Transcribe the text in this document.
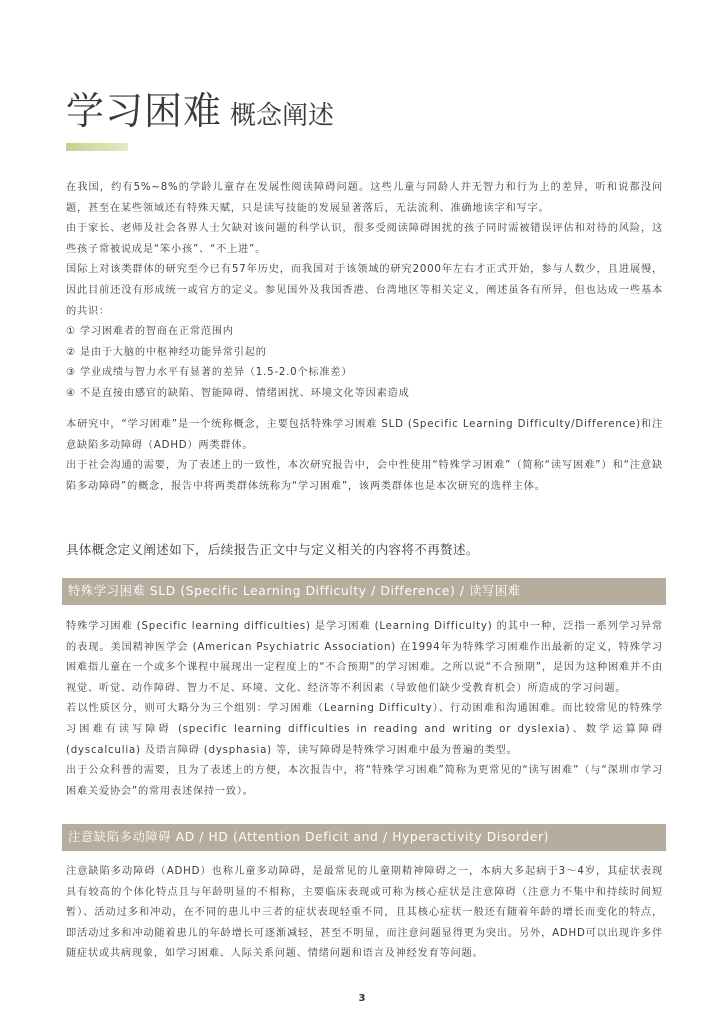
学习困难 概念阐述

在我国，约有5%~8%的学龄儿童存在发展性阅读障碍问题。这些儿童与同龄人并无智力和行为上的差异，听和说都没问题，甚至在某些领域还有特殊天赋，只是读写技能的发展显著落后，无法流利、准确地读字和写字。

由于家长、老师及社会各界人士欠缺对该问题的科学认识，很多受阅读障碍困扰的孩子同时需被错误评估和对待的风险，这些孩子常被说成是“笨小孩”、“不上进”。

国际上对该类群体的研究至今已有57年历史，而我国对于该领域的研究2000年左右才正式开始，参与人数少，且进展慢，因此目前还没有形成统一或官方的定义。参见国外及我国香港、台湾地区等相关定义，阐述虽各有所异，但也达成一些基本的共识：

① 学习困难者的智商在正常范围内

② 是由于大脑的中枢神经功能异常引起的

③ 学业成绩与智力水平有显著的差异（1.5-2.0个标准差）

④ 不是直接由感官的缺陷、智能障碍、情绪困扰、环境文化等因素造成

本研究中，“学习困难”是一个统称概念，主要包括特殊学习困难 SLD (Specific Learning Difficulty/Difference)和注意缺陷多动障碍（ADHD）两类群体。

出于社会沟通的需要，为了表述上的一致性，本次研究报告中，会中性使用“特殊学习困难”（简称“读写困难”）和“注意缺陷多动障碍”的概念，报告中将两类群体统称为“学习困难”，该两类群体也是本次研究的选样主体。

具体概念定义阐述如下，后续报告正文中与定义相关的内容将不再赘述。
特殊学习困难 SLD (Specific Learning Difficulty / Difference) / 读写困难

特殊学习困难 (Specific learning difficulties) 是学习困难 (Learning Difficulty) 的其中一种，泛指一系列学习异常的表现。美国精神医学会 (American Psychiatric Association) 在1994年为特殊学习困难作出最新的定义，特殊学习困难指儿童在一个或多个课程中展现出一定程度上的“不合预期”的学习困难。之所以说“不合预期”，是因为这种困难并不由视觉、听觉、动作障碍、智力不足、环境、文化、经济等不利因素（导致他们缺少受教育机会）所造成的学习问题。

若以性质区分，则可大略分为三个组别：学习困难（Learning Difficulty）、行动困难和沟通困难。而比较常见的特殊学习困难有读写障碍 (specific learning difficulties in reading and writing or dyslexia)、数学运算障碍 (dyscalculia) 及语言障碍 (dysphasia) 等，读写障碍是特殊学习困难中最为普遍的类型。

出于公众科普的需要，且为了表述上的方便，本次报告中，将“特殊学习困难”简称为更常见的“读写困难”（与“深圳市学习困难关爱协会”的常用表述保持一致）。

注意缺陷多动障碍 AD / HD (Attention Deficit and / Hyperactivity Disorder)

注意缺陷多动障碍（ADHD）也称儿童多动障碍，是最常见的儿童期精神障碍之一，本病大多起病于3～4岁，其症状表现具有较高的个体化特点且与年龄明显的不相称，主要临床表现或可称为核心症状是注意障碍（注意力不集中和持续时间短暂）、活动过多和冲动，在不同的患儿中三者的症状表现轻重不同，且其核心症状一般还有随着年龄的增长而变化的特点，即活动过多和冲动随着患儿的年龄增长可逐渐减轻，甚至不明显，而注意问题显得更为突出。另外，ADHD可以出现许多伴随症状或共病现象，如学习困难、人际关系问题、情绪问题和语言及神经发育等问题。

3
